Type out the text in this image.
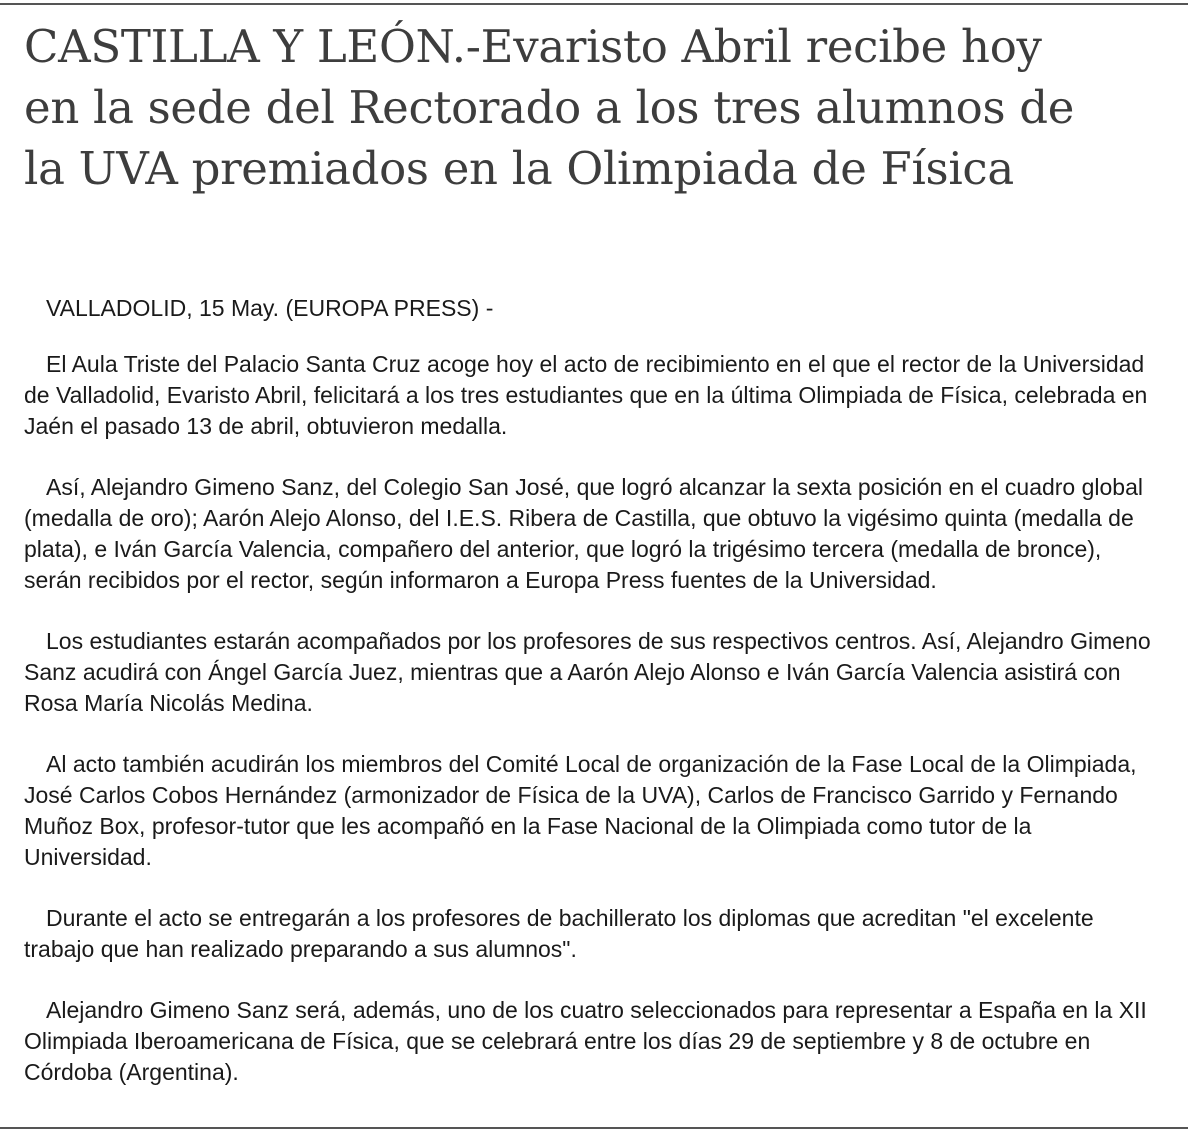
CASTILLA Y LEÓN.-Evaristo Abril recibe hoy
en la sede del Rectorado a los tres alumnos de
la UVA premiados en la Olimpiada de Física

VALLADOLID, 15 May. (EUROPA PRESS) -

El Aula Triste del Palacio Santa Cruz acoge hoy el acto de recibimiento en el que el rector de la Universidad de Valladolid, Evaristo Abril, felicitará a los tres estudiantes que en la última Olimpiada de Física, celebrada en Jaén el pasado 13 de abril, obtuvieron medalla.

Así, Alejandro Gimeno Sanz, del Colegio San José, que logró alcanzar la sexta posición en el cuadro global (medalla de oro); Aarón Alejo Alonso, del I.E.S. Ribera de Castilla, que obtuvo la vigésimo quinta (medalla de plata), e Iván García Valencia, compañero del anterior, que logró la trigésimo tercera (medalla de bronce), serán recibidos por el rector, según informaron a Europa Press fuentes de la Universidad.

Los estudiantes estarán acompañados por los profesores de sus respectivos centros. Así, Alejandro Gimeno Sanz acudirá con Ángel García Juez, mientras que a Aarón Alejo Alonso e Iván García Valencia asistirá con Rosa María Nicolás Medina.

Al acto también acudirán los miembros del Comité Local de organización de la Fase Local de la Olimpiada, José Carlos Cobos Hernández (armonizador de Física de la UVA), Carlos de Francisco Garrido y Fernando Muñoz Box, profesor-tutor que les acompañó en la Fase Nacional de la Olimpiada como tutor de la Universidad.

Durante el acto se entregarán a los profesores de bachillerato los diplomas que acreditan "el excelente trabajo que han realizado preparando a sus alumnos".

Alejandro Gimeno Sanz será, además, uno de los cuatro seleccionados para representar a España en la XII Olimpiada Iberoamericana de Física, que se celebrará entre los días 29 de septiembre y 8 de octubre en Córdoba (Argentina).
